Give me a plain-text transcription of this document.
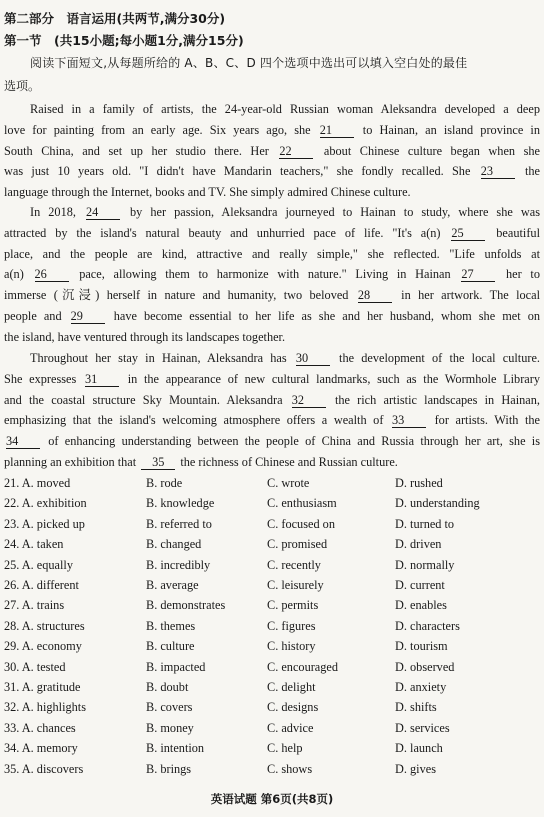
第二部分　语言运用(共两节,满分30分)
第一节　(共15小题;每小题1分,满分15分)
阅读下面短文,从每题所给的 A、B、C、D 四个选项中选出可以填入空白处的最佳
选项。
Raised in a family of artists, the 24-year-old Russian woman Aleksandra developed a deep
love for painting from an early age. Six years ago, she 21 to Hainan, an island province in
South China, and set up her studio there. Her 22 about Chinese culture began when she
was just 10 years old. "I didn't have Mandarin teachers," she fondly recalled. She 23 the
language through the Internet, books and TV. She simply admired Chinese culture.
In 2018, 24 by her passion, Aleksandra journeyed to Hainan to study, where she was
attracted by the island's natural beauty and unhurried pace of life. "It's a(n) 25 beautiful
place, and the people are kind, attractive and really simple," she reflected. "Life unfolds at
a(n) 26 pace, allowing them to harmonize with nature." Living in Hainan 27 her to
immerse (沉浸) herself in nature and humanity, two beloved 28 in her artwork. The local
people and 29 have become essential to her life as she and her husband, whom she met on
the island, have ventured through its landscapes together.
Throughout her stay in Hainan, Aleksandra has 30 the development of the local culture.
She expresses 31 in the appearance of new cultural landmarks, such as the Wormhole Library
and the coastal structure Sky Mountain. Aleksandra 32 the rich artistic landscapes in Hainan,
emphasizing that the island's welcoming atmosphere offers a wealth of 33 for artists. With the
34 of enhancing understanding between the people of China and Russia through her art, she is
planning an exhibition that 35 the richness of Chinese and Russian culture.
21. A. moved	B. rode	C. wrote	D. rushed
22. A. exhibition	B. knowledge	C. enthusiasm	D. understanding
23. A. picked up	B. referred to	C. focused on	D. turned to
24. A. taken	B. changed	C. promised	D. driven
25. A. equally	B. incredibly	C. recently	D. normally
26. A. different	B. average	C. leisurely	D. current
27. A. trains	B. demonstrates	C. permits	D. enables
28. A. structures	B. themes	C. figures	D. characters
29. A. economy	B. culture	C. history	D. tourism
30. A. tested	B. impacted	C. encouraged	D. observed
31. A. gratitude	B. doubt	C. delight	D. anxiety
32. A. highlights	B. covers	C. designs	D. shifts
33. A. chances	B. money	C. advice	D. services
34. A. memory	B. intention	C. help	D. launch
35. A. discovers	B. brings	C. shows	D. gives
英语试题 第6页(共8页)
